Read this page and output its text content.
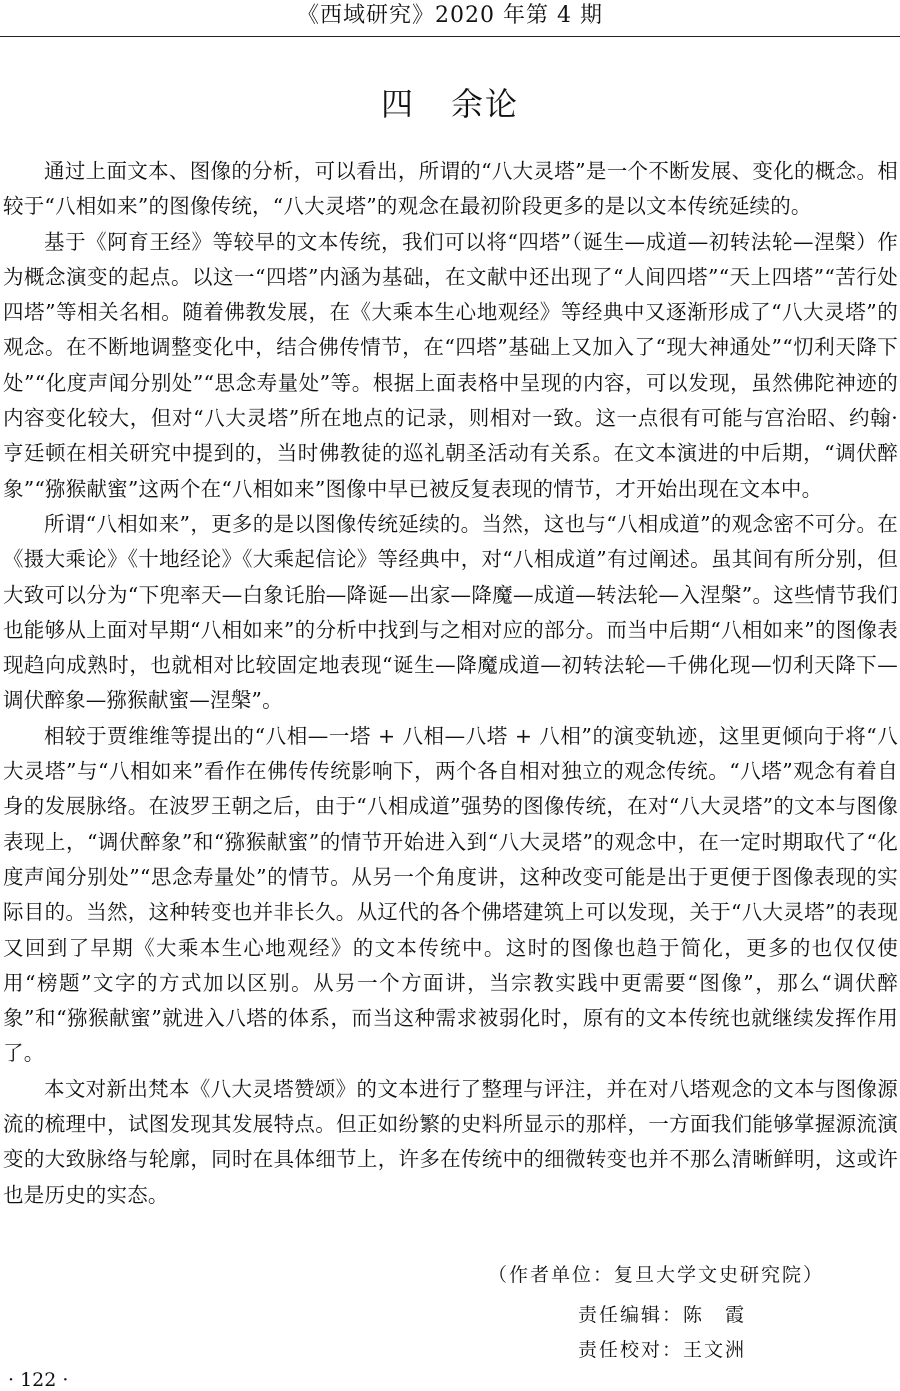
《西域研究》2020 年第 4 期
四 余论

通过上面文本、图像的分析，可以看出，所谓的“八大灵塔”是一个不断发展、变化的概念。相较于“八相如来”的图像传统，“八大灵塔”的观念在最初阶段更多的是以文本传统延续的。

基于《阿育王经》等较早的文本传统，我们可以将“四塔”（诞生—成道—初转法轮—涅槃）作为概念演变的起点。以这一“四塔”内涵为基础，在文献中还出现了“人间四塔”“天上四塔”“苦行处四塔”等相关名相。随着佛教发展，在《大乘本生心地观经》等经典中又逐渐形成了“八大灵塔”的观念。在不断地调整变化中，结合佛传情节，在“四塔”基础上又加入了“现大神通处”“忉利天降下处”“化度声闻分别处”“思念寿量处”等。根据上面表格中呈现的内容，可以发现，虽然佛陀神迹的内容变化较大，但对“八大灵塔”所在地点的记录，则相对一致。这一点很有可能与宫治昭、约翰·亨廷顿在相关研究中提到的，当时佛教徒的巡礼朝圣活动有关系。在文本演进的中后期，“调伏醉象”“猕猴献蜜”这两个在“八相如来”图像中早已被反复表现的情节，才开始出现在文本中。

所谓“八相如来”，更多的是以图像传统延续的。当然，这也与“八相成道”的观念密不可分。在《摄大乘论》《十地经论》《大乘起信论》等经典中，对“八相成道”有过阐述。虽其间有所分别，但大致可以分为“下兜率天—白象讬胎—降诞—出家—降魔—成道—转法轮—入涅槃”。这些情节我们也能够从上面对早期“八相如来”的分析中找到与之相对应的部分。而当中后期“八相如来”的图像表现趋向成熟时，也就相对比较固定地表现“诞生—降魔成道—初转法轮—千佛化现—忉利天降下—调伏醉象—猕猴献蜜—涅槃”。

相较于贾维维等提出的“八相—一塔 + 八相—八塔 + 八相”的演变轨迹，这里更倾向于将“八大灵塔”与“八相如来”看作在佛传传统影响下，两个各自相对独立的观念传统。“八塔”观念有着自身的发展脉络。在波罗王朝之后，由于“八相成道”强势的图像传统，在对“八大灵塔”的文本与图像表现上，“调伏醉象”和“猕猴献蜜”的情节开始进入到“八大灵塔”的观念中，在一定时期取代了“化度声闻分别处”“思念寿量处”的情节。从另一个角度讲，这种改变可能是出于更便于图像表现的实际目的。当然，这种转变也并非长久。从辽代的各个佛塔建筑上可以发现，关于“八大灵塔”的表现又回到了早期《大乘本生心地观经》的文本传统中。这时的图像也趋于简化，更多的也仅仅使用“榜题”文字的方式加以区别。从另一个方面讲，当宗教实践中更需要“图像”，那么“调伏醉象”和“猕猴献蜜”就进入八塔的体系，而当这种需求被弱化时，原有的文本传统也就继续发挥作用了。

本文对新出梵本《八大灵塔赞颂》的文本进行了整理与评注，并在对八塔观念的文本与图像源流的梳理中，试图发现其发展特点。但正如纷繁的史料所显示的那样，一方面我们能够掌握源流演变的大致脉络与轮廓，同时在具体细节上，许多在传统中的细微转变也并不那么清晰鲜明，这或许也是历史的实态。

（作者单位：复旦大学文史研究院）
责任编辑：陈　霞
责任校对：王文洲
· 122 ·
